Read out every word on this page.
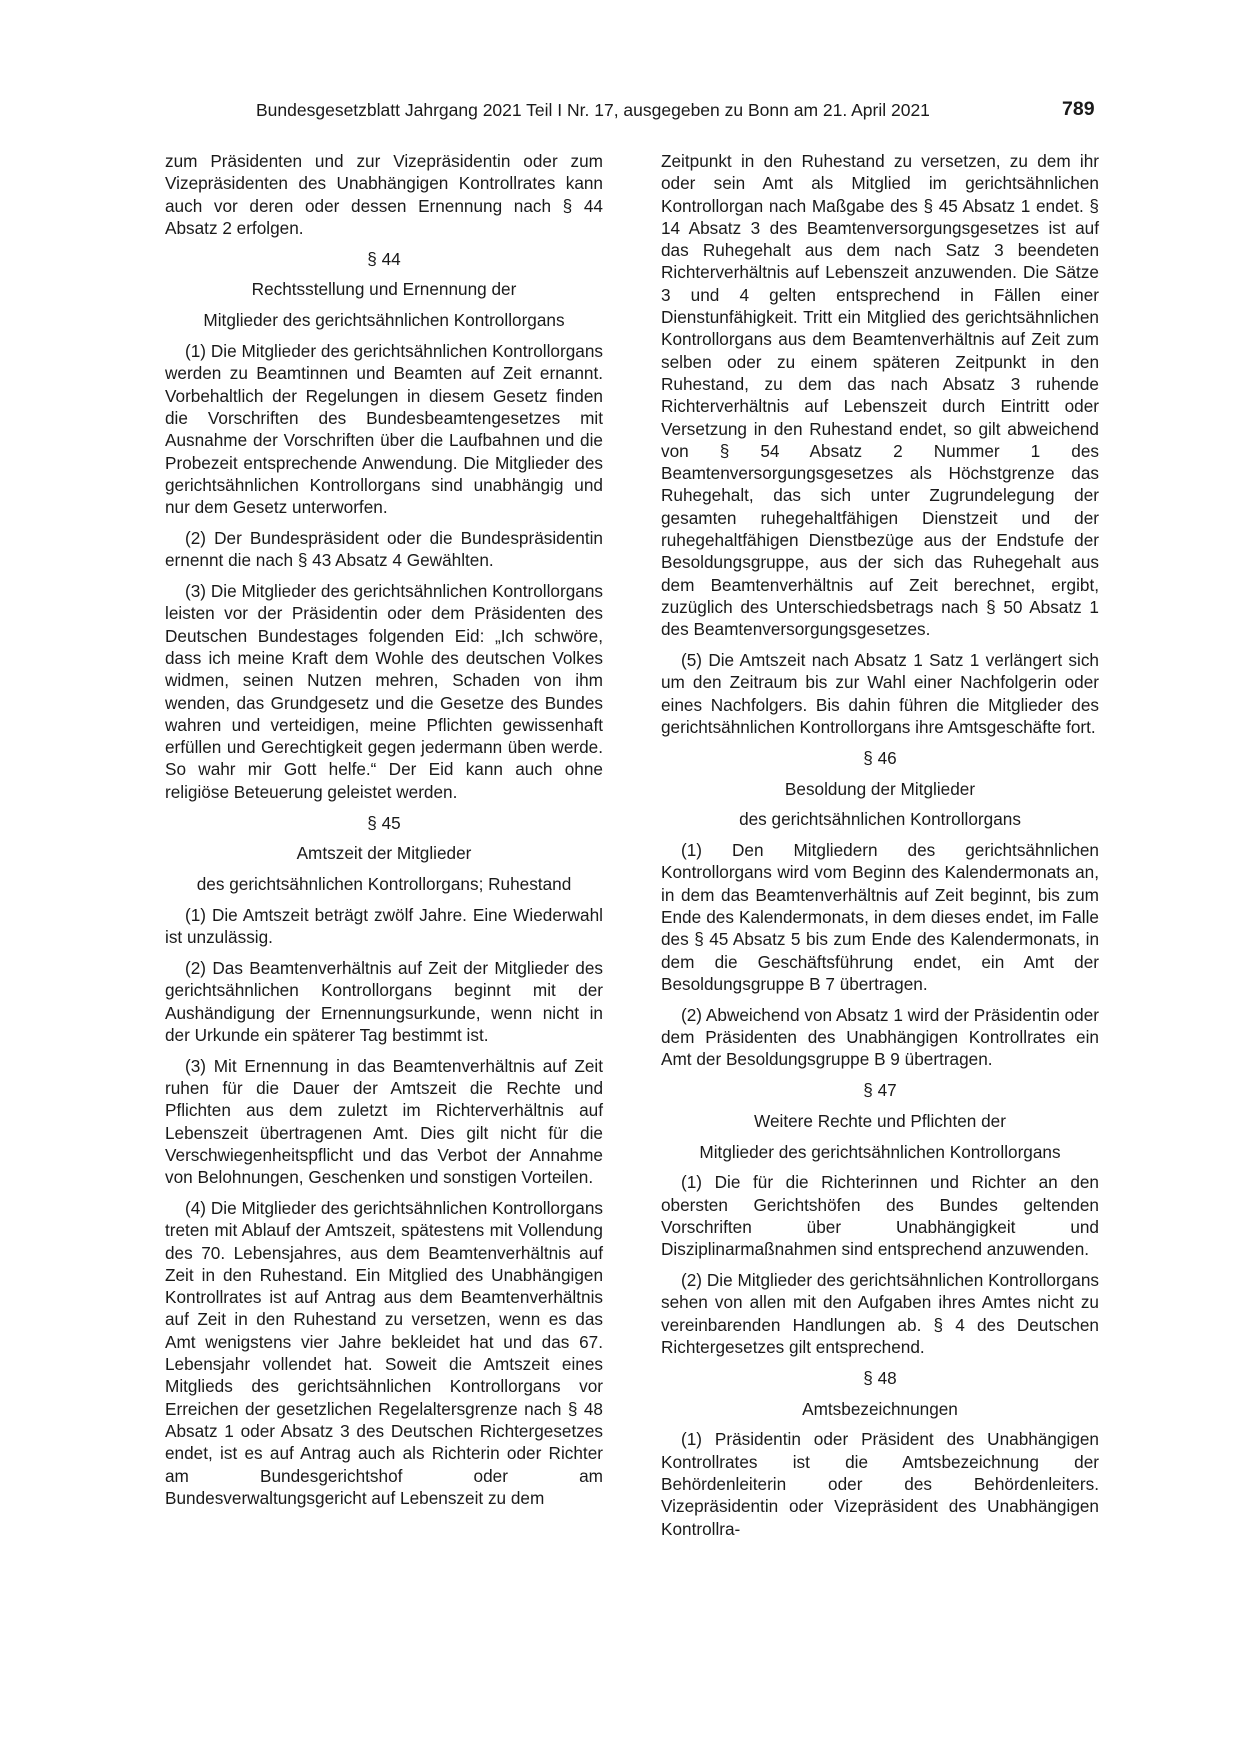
Bundesgesetzblatt Jahrgang 2021 Teil I Nr. 17, ausgegeben zu Bonn am 21. April 2021	789

zum Präsidenten und zur Vizepräsidentin oder zum Vizepräsidenten des Unabhängigen Kontrollrates kann auch vor deren oder dessen Ernennung nach § 44 Absatz 2 erfolgen.

§ 44

Rechtsstellung und Ernennung der

Mitglieder des gerichtsähnlichen Kontrollorgans

(1) Die Mitglieder des gerichtsähnlichen Kontrollorgans werden zu Beamtinnen und Beamten auf Zeit ernannt. Vorbehaltlich der Regelungen in diesem Gesetz finden die Vorschriften des Bundesbeamtengesetzes mit Ausnahme der Vorschriften über die Laufbahnen und die Probezeit entsprechende Anwendung. Die Mitglieder des gerichtsähnlichen Kontrollorgans sind unabhängig und nur dem Gesetz unterworfen.

(2) Der Bundespräsident oder die Bundespräsidentin ernennt die nach § 43 Absatz 4 Gewählten.

(3) Die Mitglieder des gerichtsähnlichen Kontrollorgans leisten vor der Präsidentin oder dem Präsidenten des Deutschen Bundestages folgenden Eid: „Ich schwöre, dass ich meine Kraft dem Wohle des deutschen Volkes widmen, seinen Nutzen mehren, Schaden von ihm wenden, das Grundgesetz und die Gesetze des Bundes wahren und verteidigen, meine Pflichten gewissenhaft erfüllen und Gerechtigkeit gegen jedermann üben werde. So wahr mir Gott helfe.“ Der Eid kann auch ohne religiöse Beteuerung geleistet werden.

§ 45

Amtszeit der Mitglieder

des gerichtsähnlichen Kontrollorgans; Ruhestand

(1) Die Amtszeit beträgt zwölf Jahre. Eine Wiederwahl ist unzulässig.

(2) Das Beamtenverhältnis auf Zeit der Mitglieder des gerichtsähnlichen Kontrollorgans beginnt mit der Aushändigung der Ernennungsurkunde, wenn nicht in der Urkunde ein späterer Tag bestimmt ist.

(3) Mit Ernennung in das Beamtenverhältnis auf Zeit ruhen für die Dauer der Amtszeit die Rechte und Pflichten aus dem zuletzt im Richterverhältnis auf Lebenszeit übertragenen Amt. Dies gilt nicht für die Verschwiegenheitspflicht und das Verbot der Annahme von Belohnungen, Geschenken und sonstigen Vorteilen.

(4) Die Mitglieder des gerichtsähnlichen Kontrollorgans treten mit Ablauf der Amtszeit, spätestens mit Vollendung des 70. Lebensjahres, aus dem Beamtenverhältnis auf Zeit in den Ruhestand. Ein Mitglied des Unabhängigen Kontrollrates ist auf Antrag aus dem Beamtenverhältnis auf Zeit in den Ruhestand zu versetzen, wenn es das Amt wenigstens vier Jahre bekleidet hat und das 67. Lebensjahr vollendet hat. Soweit die Amtszeit eines Mitglieds des gerichtsähnlichen Kontrollorgans vor Erreichen der gesetzlichen Regelaltersgrenze nach § 48 Absatz 1 oder Absatz 3 des Deutschen Richtergesetzes endet, ist es auf Antrag auch als Richterin oder Richter am Bundesgerichtshof oder am Bundesverwaltungsgericht auf Lebenszeit zu dem

Zeitpunkt in den Ruhestand zu versetzen, zu dem ihr oder sein Amt als Mitglied im gerichtsähnlichen Kontrollorgan nach Maßgabe des § 45 Absatz 1 endet. § 14 Absatz 3 des Beamtenversorgungsgesetzes ist auf das Ruhegehalt aus dem nach Satz 3 beendeten Richterverhältnis auf Lebenszeit anzuwenden. Die Sätze 3 und 4 gelten entsprechend in Fällen einer Dienstunfähigkeit. Tritt ein Mitglied des gerichtsähnlichen Kontrollorgans aus dem Beamtenverhältnis auf Zeit zum selben oder zu einem späteren Zeitpunkt in den Ruhestand, zu dem das nach Absatz 3 ruhende Richterverhältnis auf Lebenszeit durch Eintritt oder Versetzung in den Ruhestand endet, so gilt abweichend von § 54 Absatz 2 Nummer 1 des Beamtenversorgungsgesetzes als Höchstgrenze das Ruhegehalt, das sich unter Zugrundelegung der gesamten ruhegehaltfähigen Dienstzeit und der ruhegehaltfähigen Dienstbezüge aus der Endstufe der Besoldungsgruppe, aus der sich das Ruhegehalt aus dem Beamtenverhältnis auf Zeit berechnet, ergibt, zuzüglich des Unterschiedsbetrags nach § 50 Absatz 1 des Beamtenversorgungsgesetzes.

(5) Die Amtszeit nach Absatz 1 Satz 1 verlängert sich um den Zeitraum bis zur Wahl einer Nachfolgerin oder eines Nachfolgers. Bis dahin führen die Mitglieder des gerichtsähnlichen Kontrollorgans ihre Amtsgeschäfte fort.

§ 46

Besoldung der Mitglieder

des gerichtsähnlichen Kontrollorgans

(1) Den Mitgliedern des gerichtsähnlichen Kontrollorgans wird vom Beginn des Kalendermonats an, in dem das Beamtenverhältnis auf Zeit beginnt, bis zum Ende des Kalendermonats, in dem dieses endet, im Falle des § 45 Absatz 5 bis zum Ende des Kalendermonats, in dem die Geschäftsführung endet, ein Amt der Besoldungsgruppe B 7 übertragen.

(2) Abweichend von Absatz 1 wird der Präsidentin oder dem Präsidenten des Unabhängigen Kontrollrates ein Amt der Besoldungsgruppe B 9 übertragen.

§ 47

Weitere Rechte und Pflichten der

Mitglieder des gerichtsähnlichen Kontrollorgans

(1) Die für die Richterinnen und Richter an den obersten Gerichtshöfen des Bundes geltenden Vorschriften über Unabhängigkeit und Disziplinarmaßnahmen sind entsprechend anzuwenden.

(2) Die Mitglieder des gerichtsähnlichen Kontrollorgans sehen von allen mit den Aufgaben ihres Amtes nicht zu vereinbarenden Handlungen ab. § 4 des Deutschen Richtergesetzes gilt entsprechend.

§ 48

Amtsbezeichnungen

(1) Präsidentin oder Präsident des Unabhängigen Kontrollrates ist die Amtsbezeichnung der Behördenleiterin oder des Behördenleiters. Vizepräsidentin oder Vizepräsident des Unabhängigen Kontrollra-
